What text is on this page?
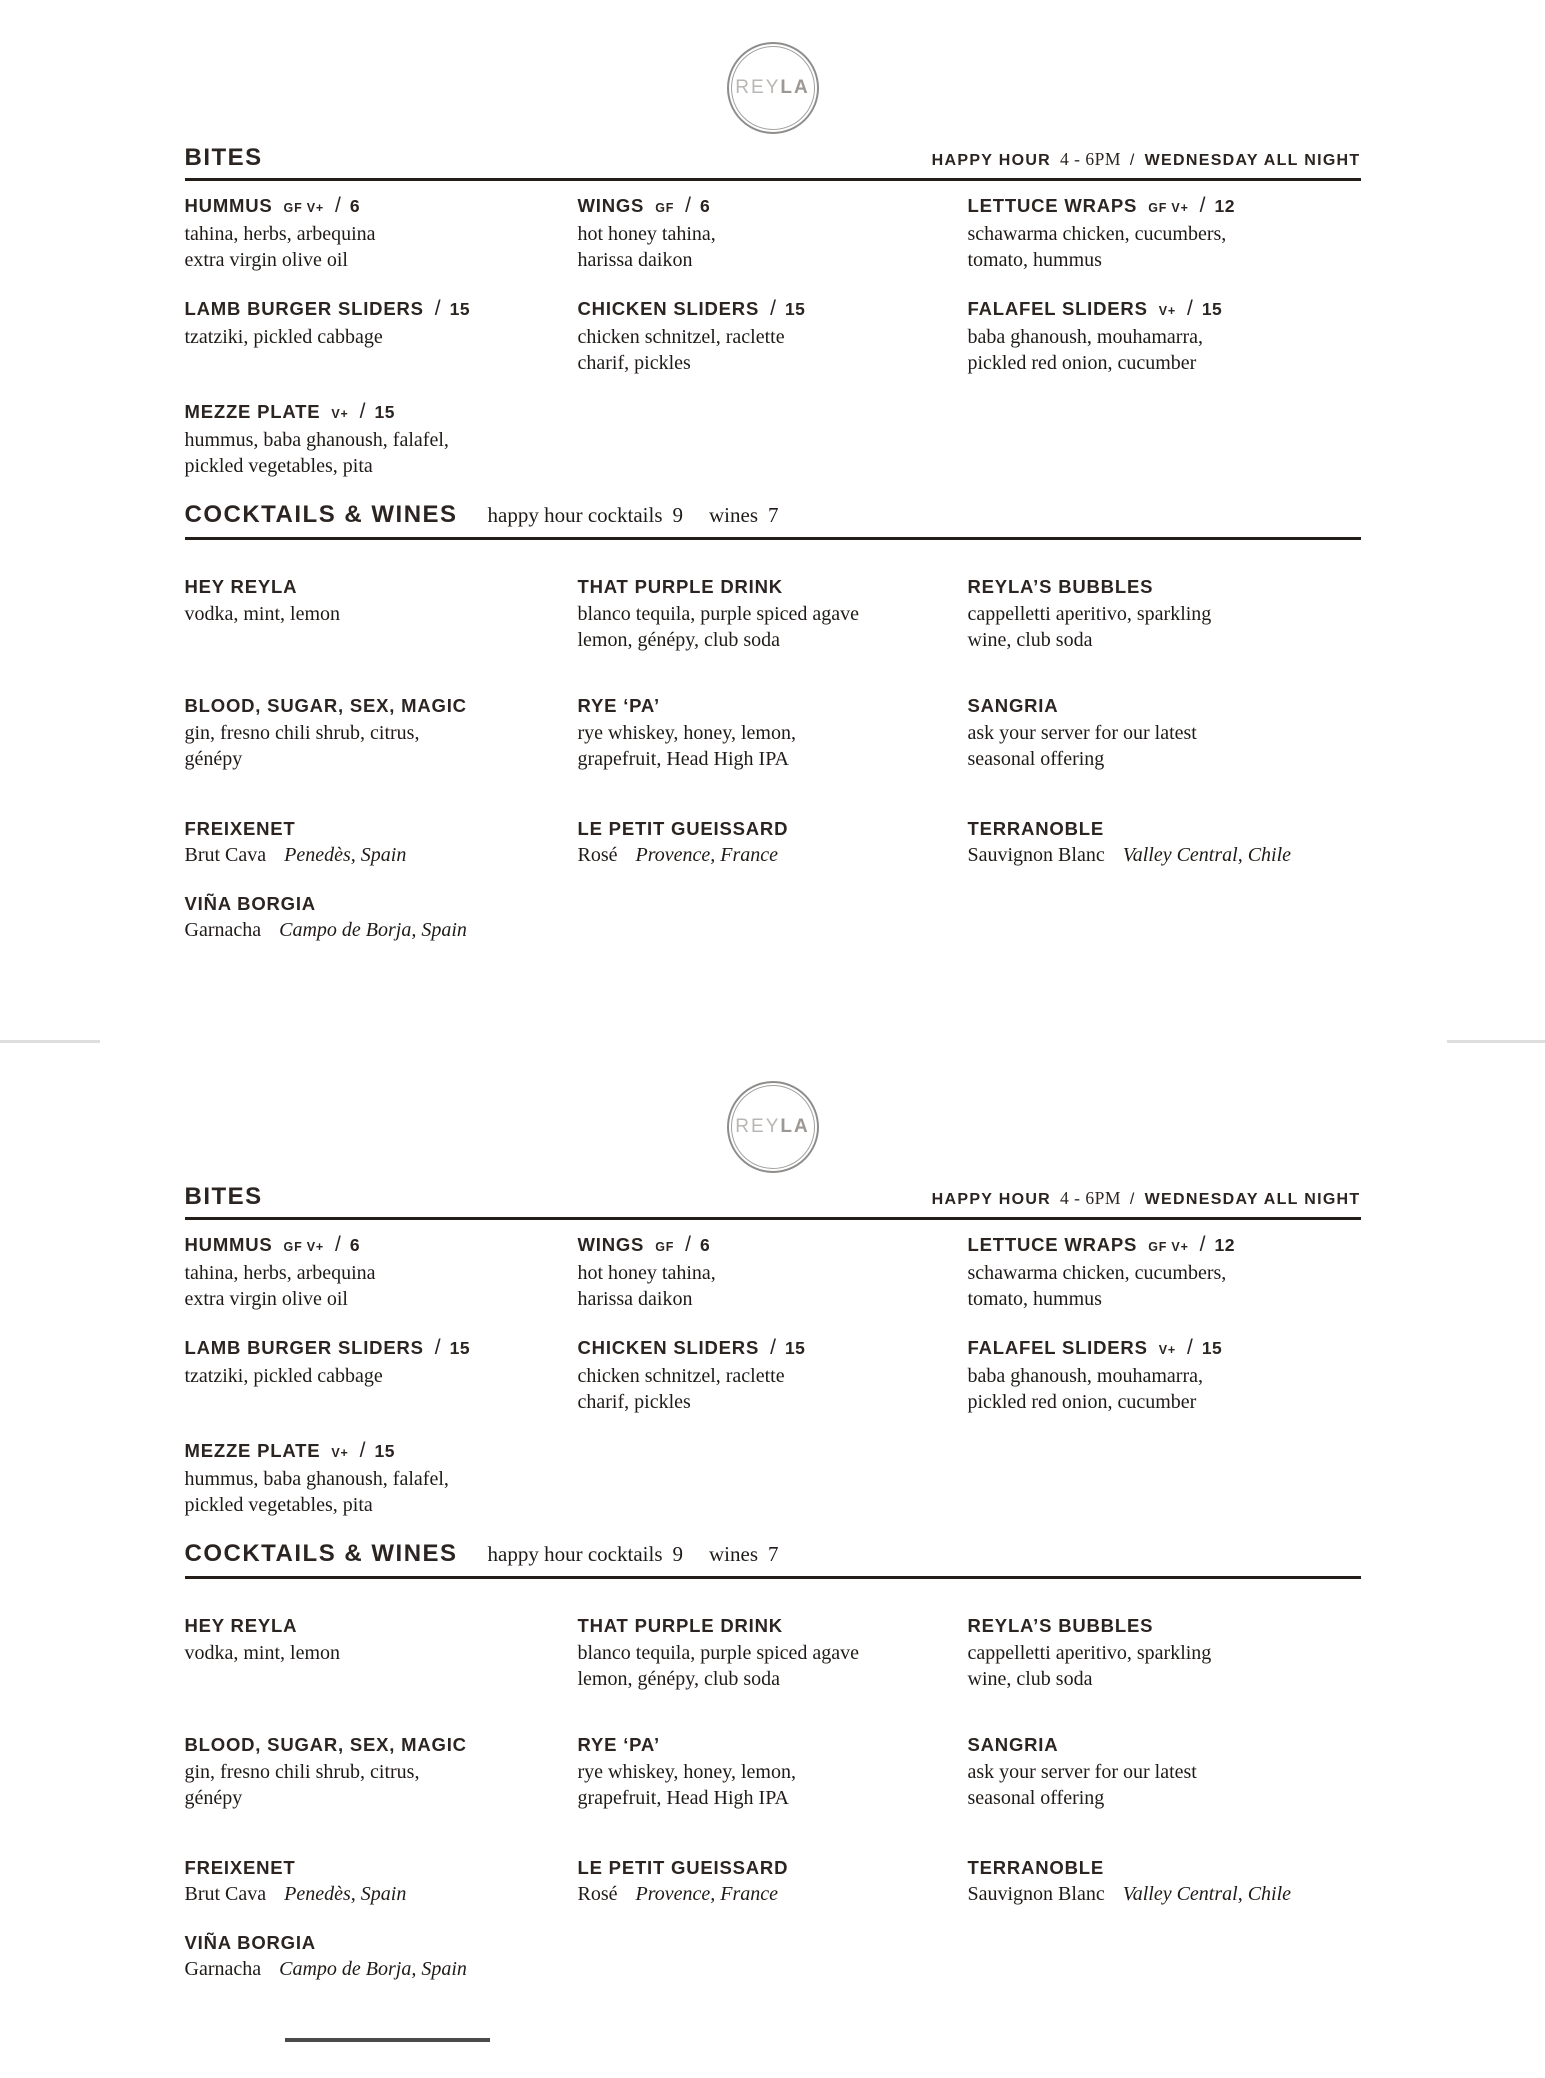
REYLA
BITES	HAPPY HOUR 4 - 6PM / WEDNESDAY ALL NIGHT
HUMMUS GF V+ / 6
tahina, herbs, arbequina
extra virgin olive oil
WINGS GF / 6
hot honey tahina,
harissa daikon
LETTUCE WRAPS GF V+ / 12
schawarma chicken, cucumbers,
tomato, hummus
LAMB BURGER SLIDERS / 15
tzatziki, pickled cabbage
CHICKEN SLIDERS / 15
chicken schnitzel, raclette
charif, pickles
FALAFEL SLIDERS V+ / 15
baba ghanoush, mouhamarra,
pickled red onion, cucumber
MEZZE PLATE V+ / 15
hummus, baba ghanoush, falafel,
pickled vegetables, pita
COCKTAILS & WINES happy hour cocktails 9 wines 7
HEY REYLA
vodka, mint, lemon
THAT PURPLE DRINK
blanco tequila, purple spiced agave
lemon, génépy, club soda
REYLA’S BUBBLES
cappelletti aperitivo, sparkling
wine, club soda
BLOOD, SUGAR, SEX, MAGIC
gin, fresno chili shrub, citrus,
génépy
RYE ‘PA’
rye whiskey, honey, lemon,
grapefruit, Head High IPA
SANGRIA
ask your server for our latest
seasonal offering
FREIXENET
Brut Cava Penedès, Spain
LE PETIT GUEISSARD
Rosé Provence, France
TERRANOBLE
Sauvignon Blanc Valley Central, Chile
VIÑA BORGIA
Garnacha Campo de Borja, Spain
REYLA
BITES	HAPPY HOUR 4 - 6PM / WEDNESDAY ALL NIGHT
HUMMUS GF V+ / 6
tahina, herbs, arbequina
extra virgin olive oil
WINGS GF / 6
hot honey tahina,
harissa daikon
LETTUCE WRAPS GF V+ / 12
schawarma chicken, cucumbers,
tomato, hummus
LAMB BURGER SLIDERS / 15
tzatziki, pickled cabbage
CHICKEN SLIDERS / 15
chicken schnitzel, raclette
charif, pickles
FALAFEL SLIDERS V+ / 15
baba ghanoush, mouhamarra,
pickled red onion, cucumber
MEZZE PLATE V+ / 15
hummus, baba ghanoush, falafel,
pickled vegetables, pita
COCKTAILS & WINES happy hour cocktails 9 wines 7
HEY REYLA
vodka, mint, lemon
THAT PURPLE DRINK
blanco tequila, purple spiced agave
lemon, génépy, club soda
REYLA’S BUBBLES
cappelletti aperitivo, sparkling
wine, club soda
BLOOD, SUGAR, SEX, MAGIC
gin, fresno chili shrub, citrus,
génépy
RYE ‘PA’
rye whiskey, honey, lemon,
grapefruit, Head High IPA
SANGRIA
ask your server for our latest
seasonal offering
FREIXENET
Brut Cava Penedès, Spain
LE PETIT GUEISSARD
Rosé Provence, France
TERRANOBLE
Sauvignon Blanc Valley Central, Chile
VIÑA BORGIA
Garnacha Campo de Borja, Spain
